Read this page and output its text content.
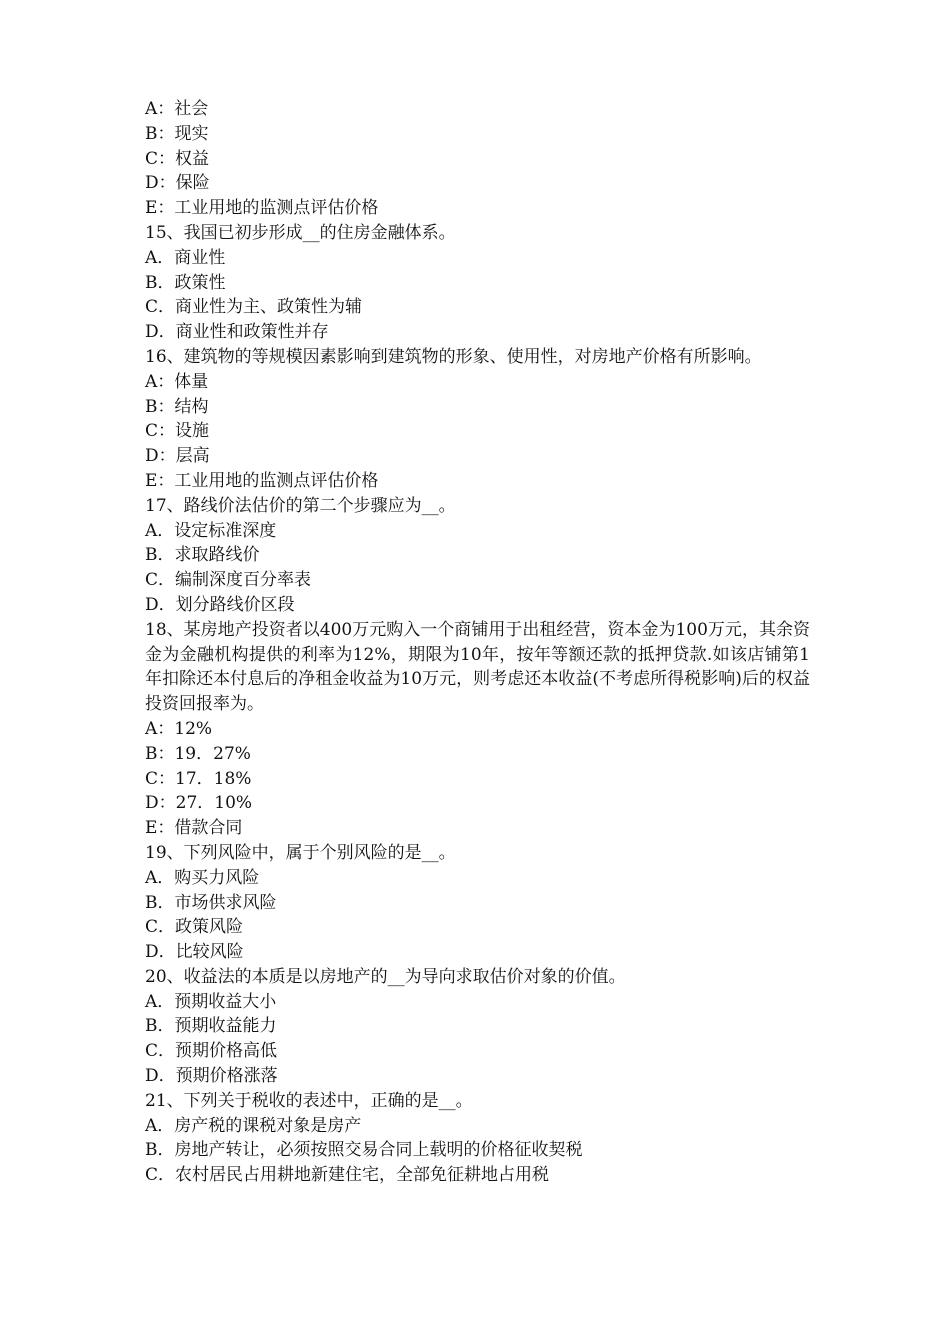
A：社会
B：现实
C：权益
D：保险
E：工业用地的监测点评估价格
15、我国已初步形成__的住房金融体系。
A．商业性
B．政策性
C．商业性为主、政策性为辅
D．商业性和政策性并存
16、建筑物的等规模因素影响到建筑物的形象、使用性，对房地产价格有所影响。
A：体量
B：结构
C：设施
D：层高
E：工业用地的监测点评估价格
17、路线价法估价的第二个步骤应为__。
A．设定标准深度
B．求取路线价
C．编制深度百分率表
D．划分路线价区段
18、某房地产投资者以400万元购入一个商铺用于出租经营，资本金为100万元，其余资金为金融机构提供的利率为12%，期限为10年，按年等额还款的抵押贷款.如该店铺第1年扣除还本付息后的净租金收益为10万元，则考虑还本收益(不考虑所得税影响)后的权益投资回报率为。
A：12%
B：19．27%
C：17．18%
D：27．10%
E：借款合同
19、下列风险中，属于个别风险的是__。
A．购买力风险
B．市场供求风险
C．政策风险
D．比较风险
20、收益法的本质是以房地产的__为导向求取估价对象的价值。
A．预期收益大小
B．预期收益能力
C．预期价格高低
D．预期价格涨落
21、下列关于税收的表述中，正确的是__。
A．房产税的课税对象是房产
B．房地产转让，必须按照交易合同上载明的价格征收契税
C．农村居民占用耕地新建住宅，全部免征耕地占用税
